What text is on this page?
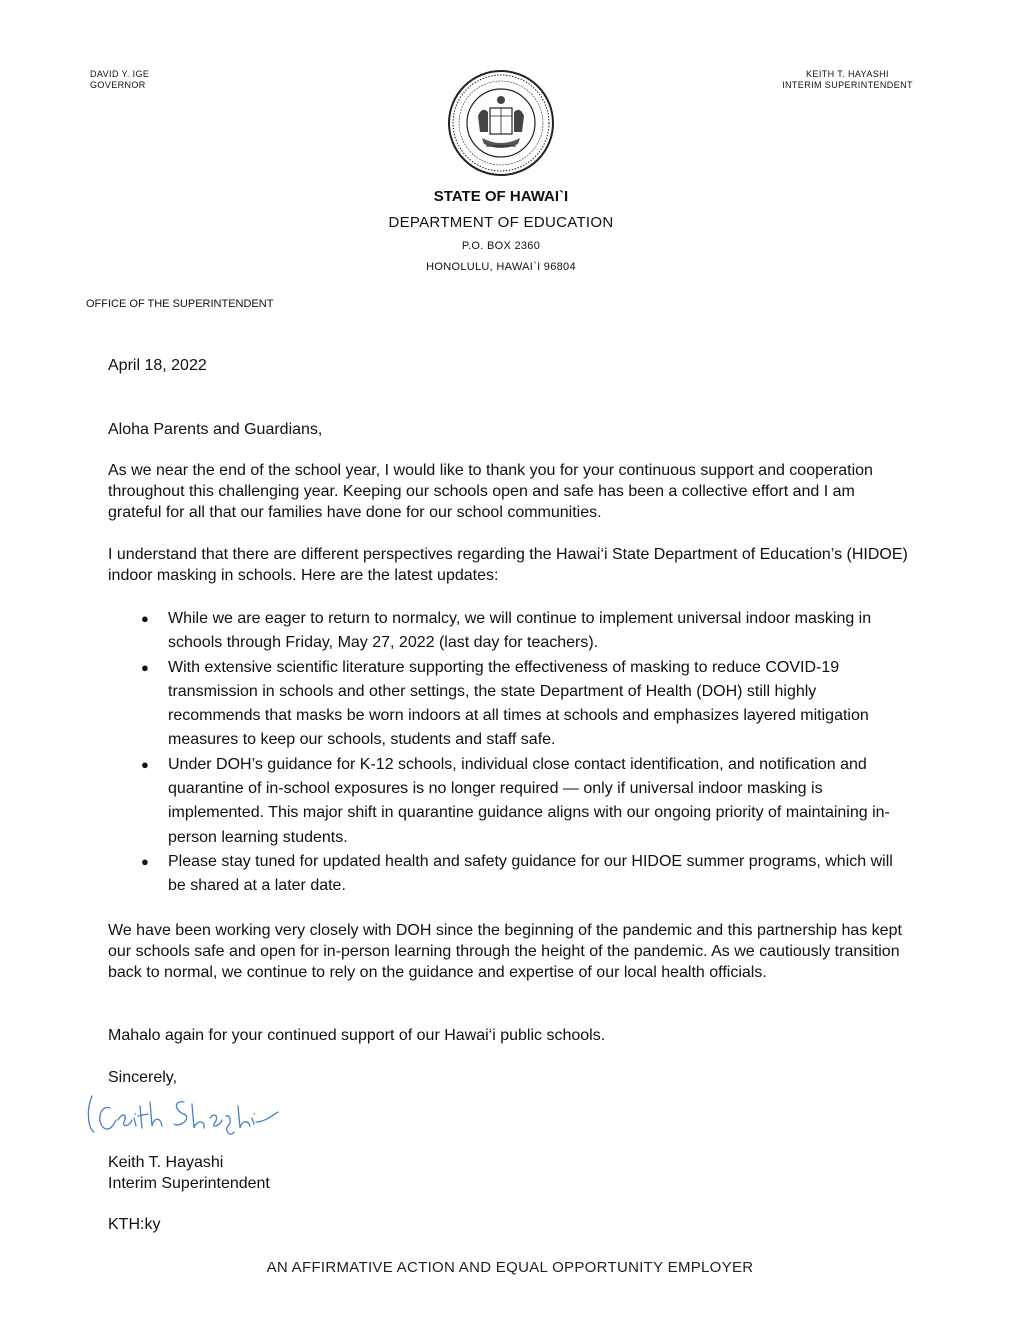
DAVID Y. IGE
GOVERNOR
KEITH T. HAYASHI
INTERIM SUPERINTENDENT
STATE OF HAWAI`I
DEPARTMENT OF EDUCATION
P.O. BOX 2360
HONOLULU, HAWAI`I 96804
OFFICE OF THE SUPERINTENDENT
April 18, 2022
Aloha Parents and Guardians,
As we near the end of the school year, I would like to thank you for your continuous support and cooperation throughout this challenging year. Keeping our schools open and safe has been a collective effort and I am grateful for all that our families have done for our school communities.
I understand that there are different perspectives regarding the Hawai‘i State Department of Education’s (HIDOE) indoor masking in schools. Here are the latest updates:
● While we are eager to return to normalcy, we will continue to implement universal indoor masking in schools through Friday, May 27, 2022 (last day for teachers).
● With extensive scientific literature supporting the effectiveness of masking to reduce COVID-19 transmission in schools and other settings, the state Department of Health (DOH) still highly recommends that masks be worn indoors at all times at schools and emphasizes layered mitigation measures to keep our schools, students and staff safe.
● Under DOH’s guidance for K-12 schools, individual close contact identification, and notification and quarantine of in-school exposures is no longer required — only if universal indoor masking is implemented. This major shift in quarantine guidance aligns with our ongoing priority of maintaining in-person learning students.
● Please stay tuned for updated health and safety guidance for our HIDOE summer programs, which will be shared at a later date.
We have been working very closely with DOH since the beginning of the pandemic and this partnership has kept our schools safe and open for in-person learning through the height of the pandemic. As we cautiously transition back to normal, we continue to rely on the guidance and expertise of our local health officials.
Mahalo again for your continued support of our Hawai‘i public schools.
Sincerely,
Keith T. Hayashi
Interim Superintendent
KTH:ky
AN AFFIRMATIVE ACTION AND EQUAL OPPORTUNITY EMPLOYER
